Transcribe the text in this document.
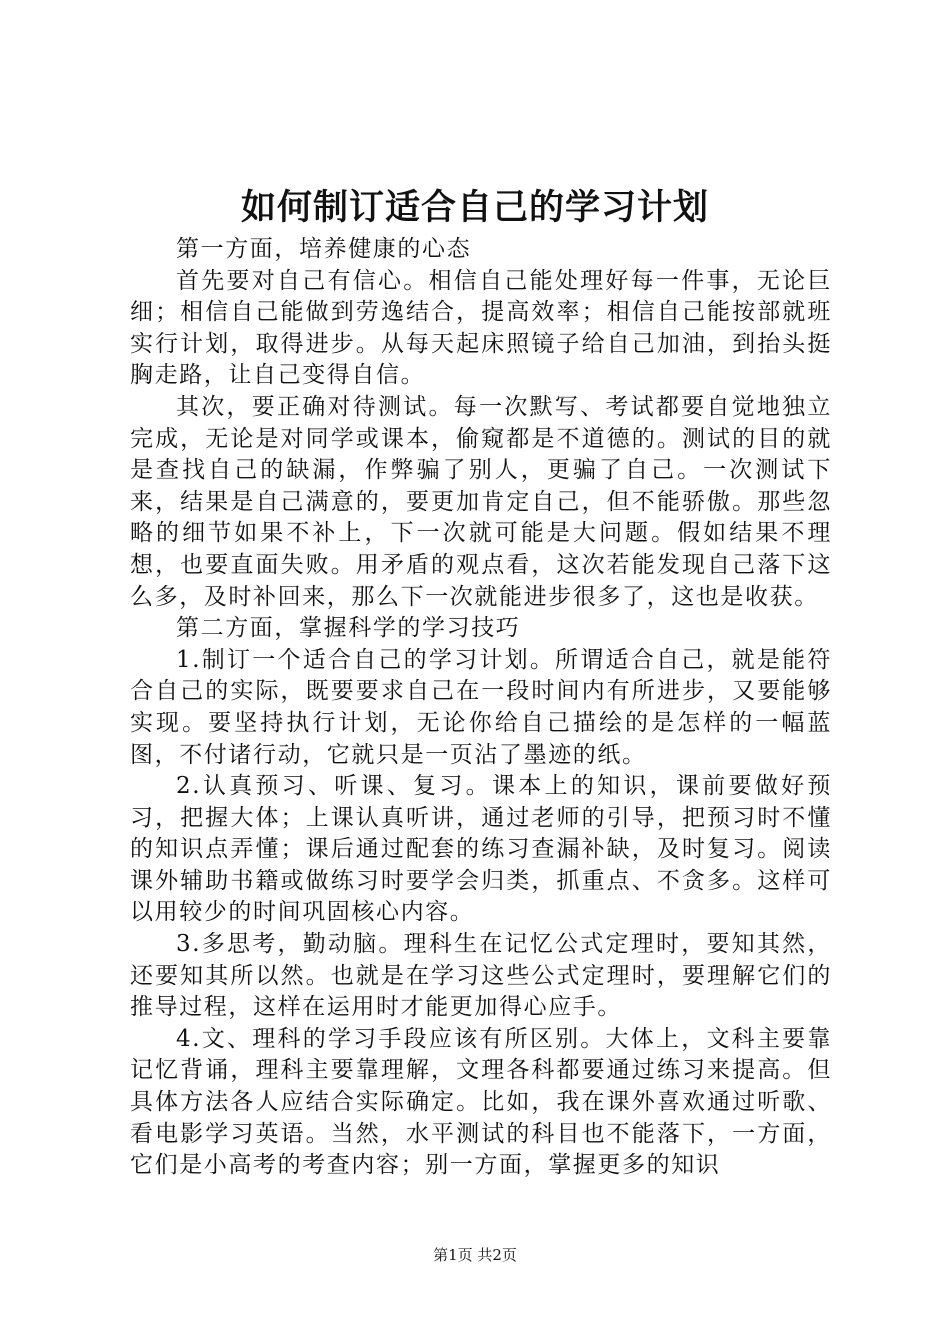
如何制订适合自己的学习计划

第一方面，培养健康的心态

首先要对自己有信心。相信自己能处理好每一件事，无论巨细；相信自己能做到劳逸结合，提高效率；相信自己能按部就班实行计划，取得进步。从每天起床照镜子给自己加油，到抬头挺胸走路，让自己变得自信。

其次，要正确对待测试。每一次默写、考试都要自觉地独立完成，无论是对同学或课本，偷窥都是不道德的。测试的目的就是查找自己的缺漏，作弊骗了别人，更骗了自己。一次测试下来，结果是自己满意的，要更加肯定自己，但不能骄傲。那些忽略的细节如果不补上，下一次就可能是大问题。假如结果不理想，也要直面失败。用矛盾的观点看，这次若能发现自己落下这么多，及时补回来，那么下一次就能进步很多了，这也是收获。

第二方面，掌握科学的学习技巧

1.制订一个适合自己的学习计划。所谓适合自己，就是能符合自己的实际，既要要求自己在一段时间内有所进步，又要能够实现。要坚持执行计划，无论你给自己描绘的是怎样的一幅蓝图，不付诸行动，它就只是一页沾了墨迹的纸。

2.认真预习、听课、复习。课本上的知识，课前要做好预习，把握大体；上课认真听讲，通过老师的引导，把预习时不懂的知识点弄懂；课后通过配套的练习查漏补缺，及时复习。阅读课外辅助书籍或做练习时要学会归类，抓重点、不贪多。这样可以用较少的时间巩固核心内容。

3.多思考，勤动脑。理科生在记忆公式定理时，要知其然，还要知其所以然。也就是在学习这些公式定理时，要理解它们的推导过程，这样在运用时才能更加得心应手。

4.文、理科的学习手段应该有所区别。大体上，文科主要靠记忆背诵，理科主要靠理解，文理各科都要通过练习来提高。但具体方法各人应结合实际确定。比如，我在课外喜欢通过听歌、看电影学习英语。当然，水平测试的科目也不能落下，一方面，它们是小高考的考查内容；别一方面，掌握更多的知识

第1页 共2页
